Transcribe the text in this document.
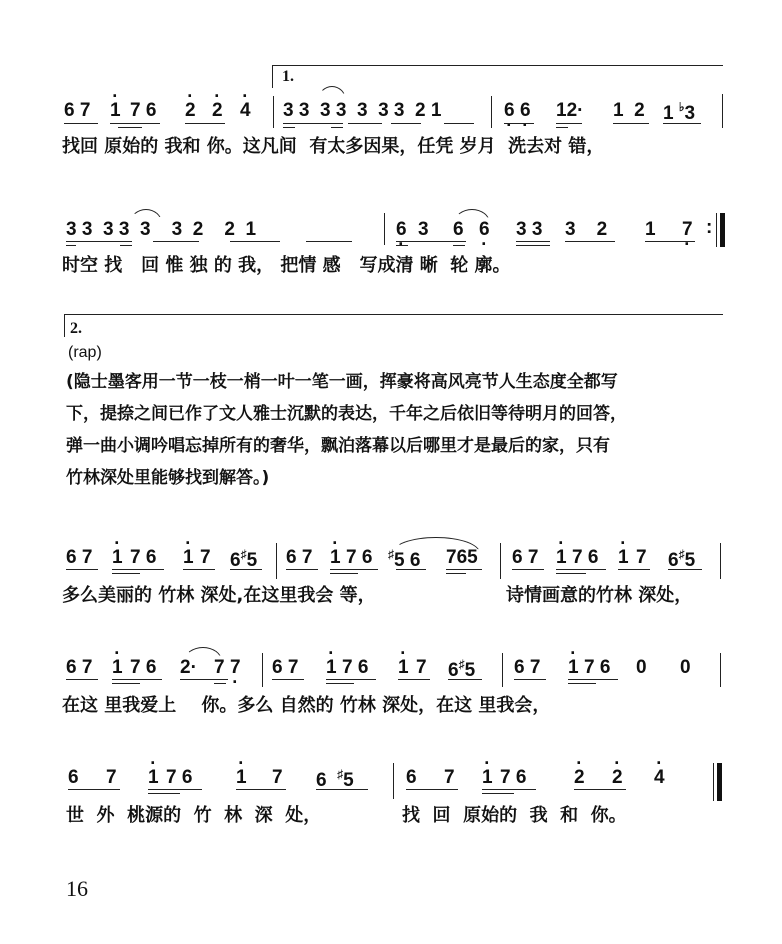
1.
6 7 · 1 7 6 · 2 · 2 · 4 3 3  3 3  3  3 3  2 1	6 · 6 · 12· 1  2 1 ♭3
找回 原始的 我和 你。这凡间  有太多因果，任凭 岁月  洗去对 错，
3 3  3 3  3    3  2    2  1	6 · 3 6 6 · 3 3 3    2 1 7 · :
时空 找   回 惟 独 的 我， 把情 感   写成清 晰  轮 廓。
2.
(rap)
(隐士墨客用一节一枝一梢一叶一笔一画，挥豪将高风亮节人生态度全都写
下，提捺之间已作了文人雅士沉默的表达，千年之后依旧等待明月的回答，
弹一曲小调吟唱忘掉所有的奢华，飘泊落幕以后哪里才是最后的家，只有
竹林深处里能够找到解答。)
6 7 · 1 7 6 · 1 7 6♯5 6 7 · 1 7 6 ♯5 6 765 6 7 · 1 7 6 · 1 7 6♯5
多么美丽的 竹林 深处,在这里我会 等，	诗情画意的竹林 深处，
6 7 · 1 7 6 2· 7 7 · 6 7 · 1 7 6 · 1 7 6♯5 6 7 · 1 7 6 0 0
在这 里我爱上    你。多么 自然的 竹林 深处，在这 里我会，
6 7 · 1 7 6 · 1 7 6  ♯5	6 7 · 1 7 6	· 2 · 2 · 4
世  外  桃源的  竹  林  深  处，	找  回  原始的  我  和  你。
16
